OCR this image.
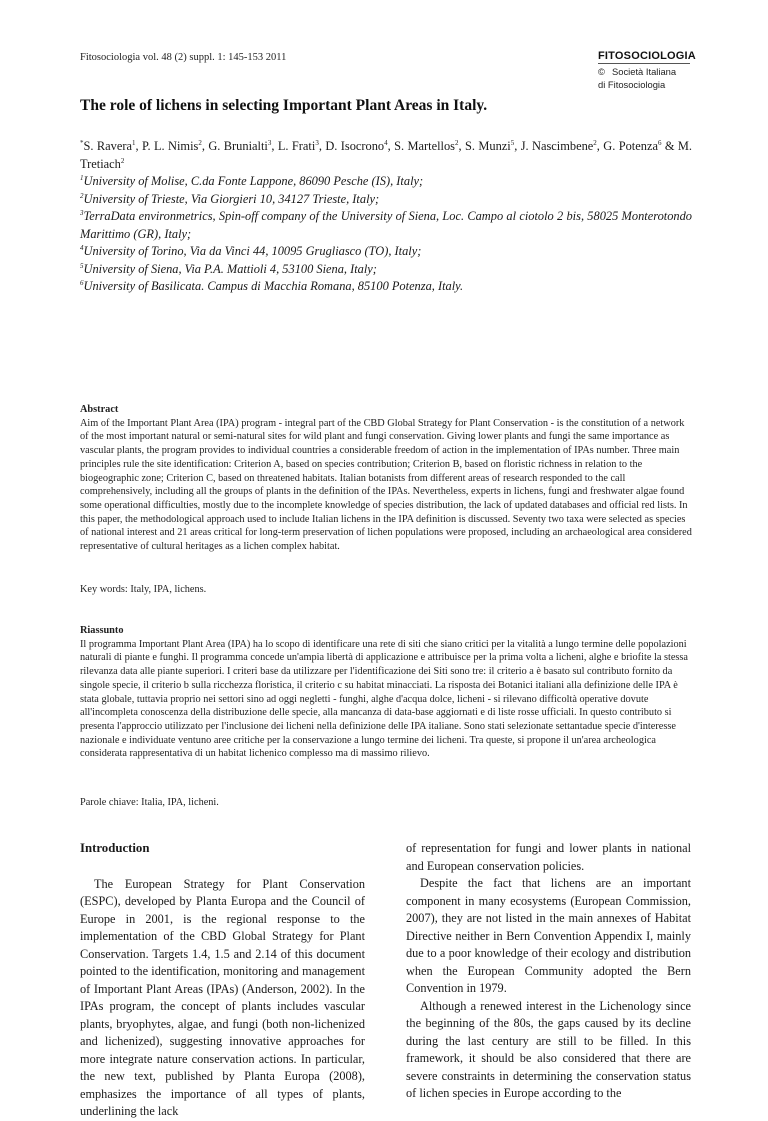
Fitosociologia vol. 48 (2) suppl. 1: 145-153 2011	FITOSOCIOLOGIA
© Società Italiana
di Fitosociologia
The role of lichens in selecting Important Plant Areas in Italy.
*S. Ravera$^1$, P. L. Nimis$^2$, G. Brunialti$^3$, L. Frati$^3$, D. Isocrono$^4$, S. Martellos$^2$, S. Munzi$^5$, J. Nascimbene$^2$, G. Potenza$^6$ & M. Tretiach$^2$
$^1$University of Molise, C.da Fonte Lappone, 86090 Pesche (IS), Italy;
$^2$University of Trieste, Via Giorgieri 10, 34127 Trieste, Italy;
$^3$TerraData environmetrics, Spin-off company of the University of Siena, Loc. Campo al ciotolo 2 bis, 58025 Monterotondo Marittimo (GR), Italy;
$^4$University of Torino, Via da Vinci 44, 10095 Grugliasco (TO), Italy;
$^5$University of Siena, Via P.A. Mattioli 4, 53100 Siena, Italy;
$^6$University of Basilicata. Campus di Macchia Romana, 85100 Potenza, Italy.
Abstract
Aim of the Important Plant Area (IPA) program - integral part of the CBD Global Strategy for Plant Conservation - is the constitution of a network of the most important natural or semi-natural sites for wild plant and fungi conservation. Giving lower plants and fungi the same importance as vascular plants, the program provides to individual countries a considerable freedom of action in the implementation of IPAs number. Three main principles rule the site identification: Criterion A, based on species contribution; Criterion B, based on floristic richness in relation to the biogeographic zone; Criterion C, based on threatened habitats. Italian botanists from different areas of research responded to the call comprehensively, including all the groups of plants in the definition of the IPAs. Nevertheless, experts in lichens, fungi and freshwater algae found some operational difficulties, mostly due to the incomplete knowledge of species distribution, the lack of updated databases and official red lists. In this paper, the methodological approach used to include Italian lichens in the IPA definition is discussed. Seventy two taxa were selected as species of national interest and 21 areas critical for long-term preservation of lichen populations were proposed, including an archaeological area considered representative of cultural heritages as a lichen complex habitat.
Key words: Italy, IPA, lichens.
Riassunto
Il programma Important Plant Area (IPA) ha lo scopo di identificare una rete di siti che siano critici per la vitalità a lungo termine delle popolazioni naturali di piante e funghi. Il programma concede un'ampia libertà di applicazione e attribuisce per la prima volta a licheni, alghe e briofite la stessa rilevanza data alle piante superiori. I criteri base da utilizzare per l'identificazione dei Siti sono tre: il criterio a è basato sul contributo fornito da singole specie, il criterio b sulla ricchezza floristica, il criterio c su habitat minacciati. La risposta dei Botanici italiani alla definizione delle IPA è stata globale, tuttavia proprio nei settori sino ad oggi negletti - funghi, alghe d'acqua dolce, licheni - si rilevano difficoltà operative dovute all'incompleta conoscenza della distribuzione delle specie, alla mancanza di data-base aggiornati e di liste rosse ufficiali. In questo contributo si presenta l'approccio utilizzato per l'inclusione dei licheni nella definizione delle IPA italiane. Sono stati selezionate settantadue specie d'interesse nazionale e individuate ventuno aree critiche per la conservazione a lungo termine dei licheni. Tra queste, si propone il un'area archeologica considerata rappresentativa di un habitat lichenico complesso ma di massimo rilievo.
Parole chiave: Italia, IPA, licheni.

Introduction

The European Strategy for Plant Conservation (ESPC), developed by Planta Europa and the Council of Europe in 2001, is the regional response to the implementation of the CBD Global Strategy for Plant Conservation. Targets 1.4, 1.5 and 2.14 of this document pointed to the identification, monitoring and management of Important Plant Areas (IPAs) (Anderson, 2002). In the IPAs program, the concept of plants includes vascular plants, bryophytes, algae, and fungi (both non-lichenized and lichenized), suggesting innovative approaches for more integrate nature conservation actions. In particular, the new text, published by Planta Europa (2008), emphasizes the importance of all types of plants, underlining the lack

of representation for fungi and lower plants in national and European conservation policies.

Despite the fact that lichens are an important component in many ecosystems (European Commission, 2007), they are not listed in the main annexes of Habitat Directive neither in Bern Convention Appendix I, mainly due to a poor knowledge of their ecology and distribution when the European Community adopted the Bern Convention in 1979.

Although a renewed interest in the Lichenology since the beginning of the 80s, the gaps caused by its decline during the last century are still to be filled. In this framework, it should be also considered that there are severe constraints in determining the conservation status of lichen species in Europe according to the
